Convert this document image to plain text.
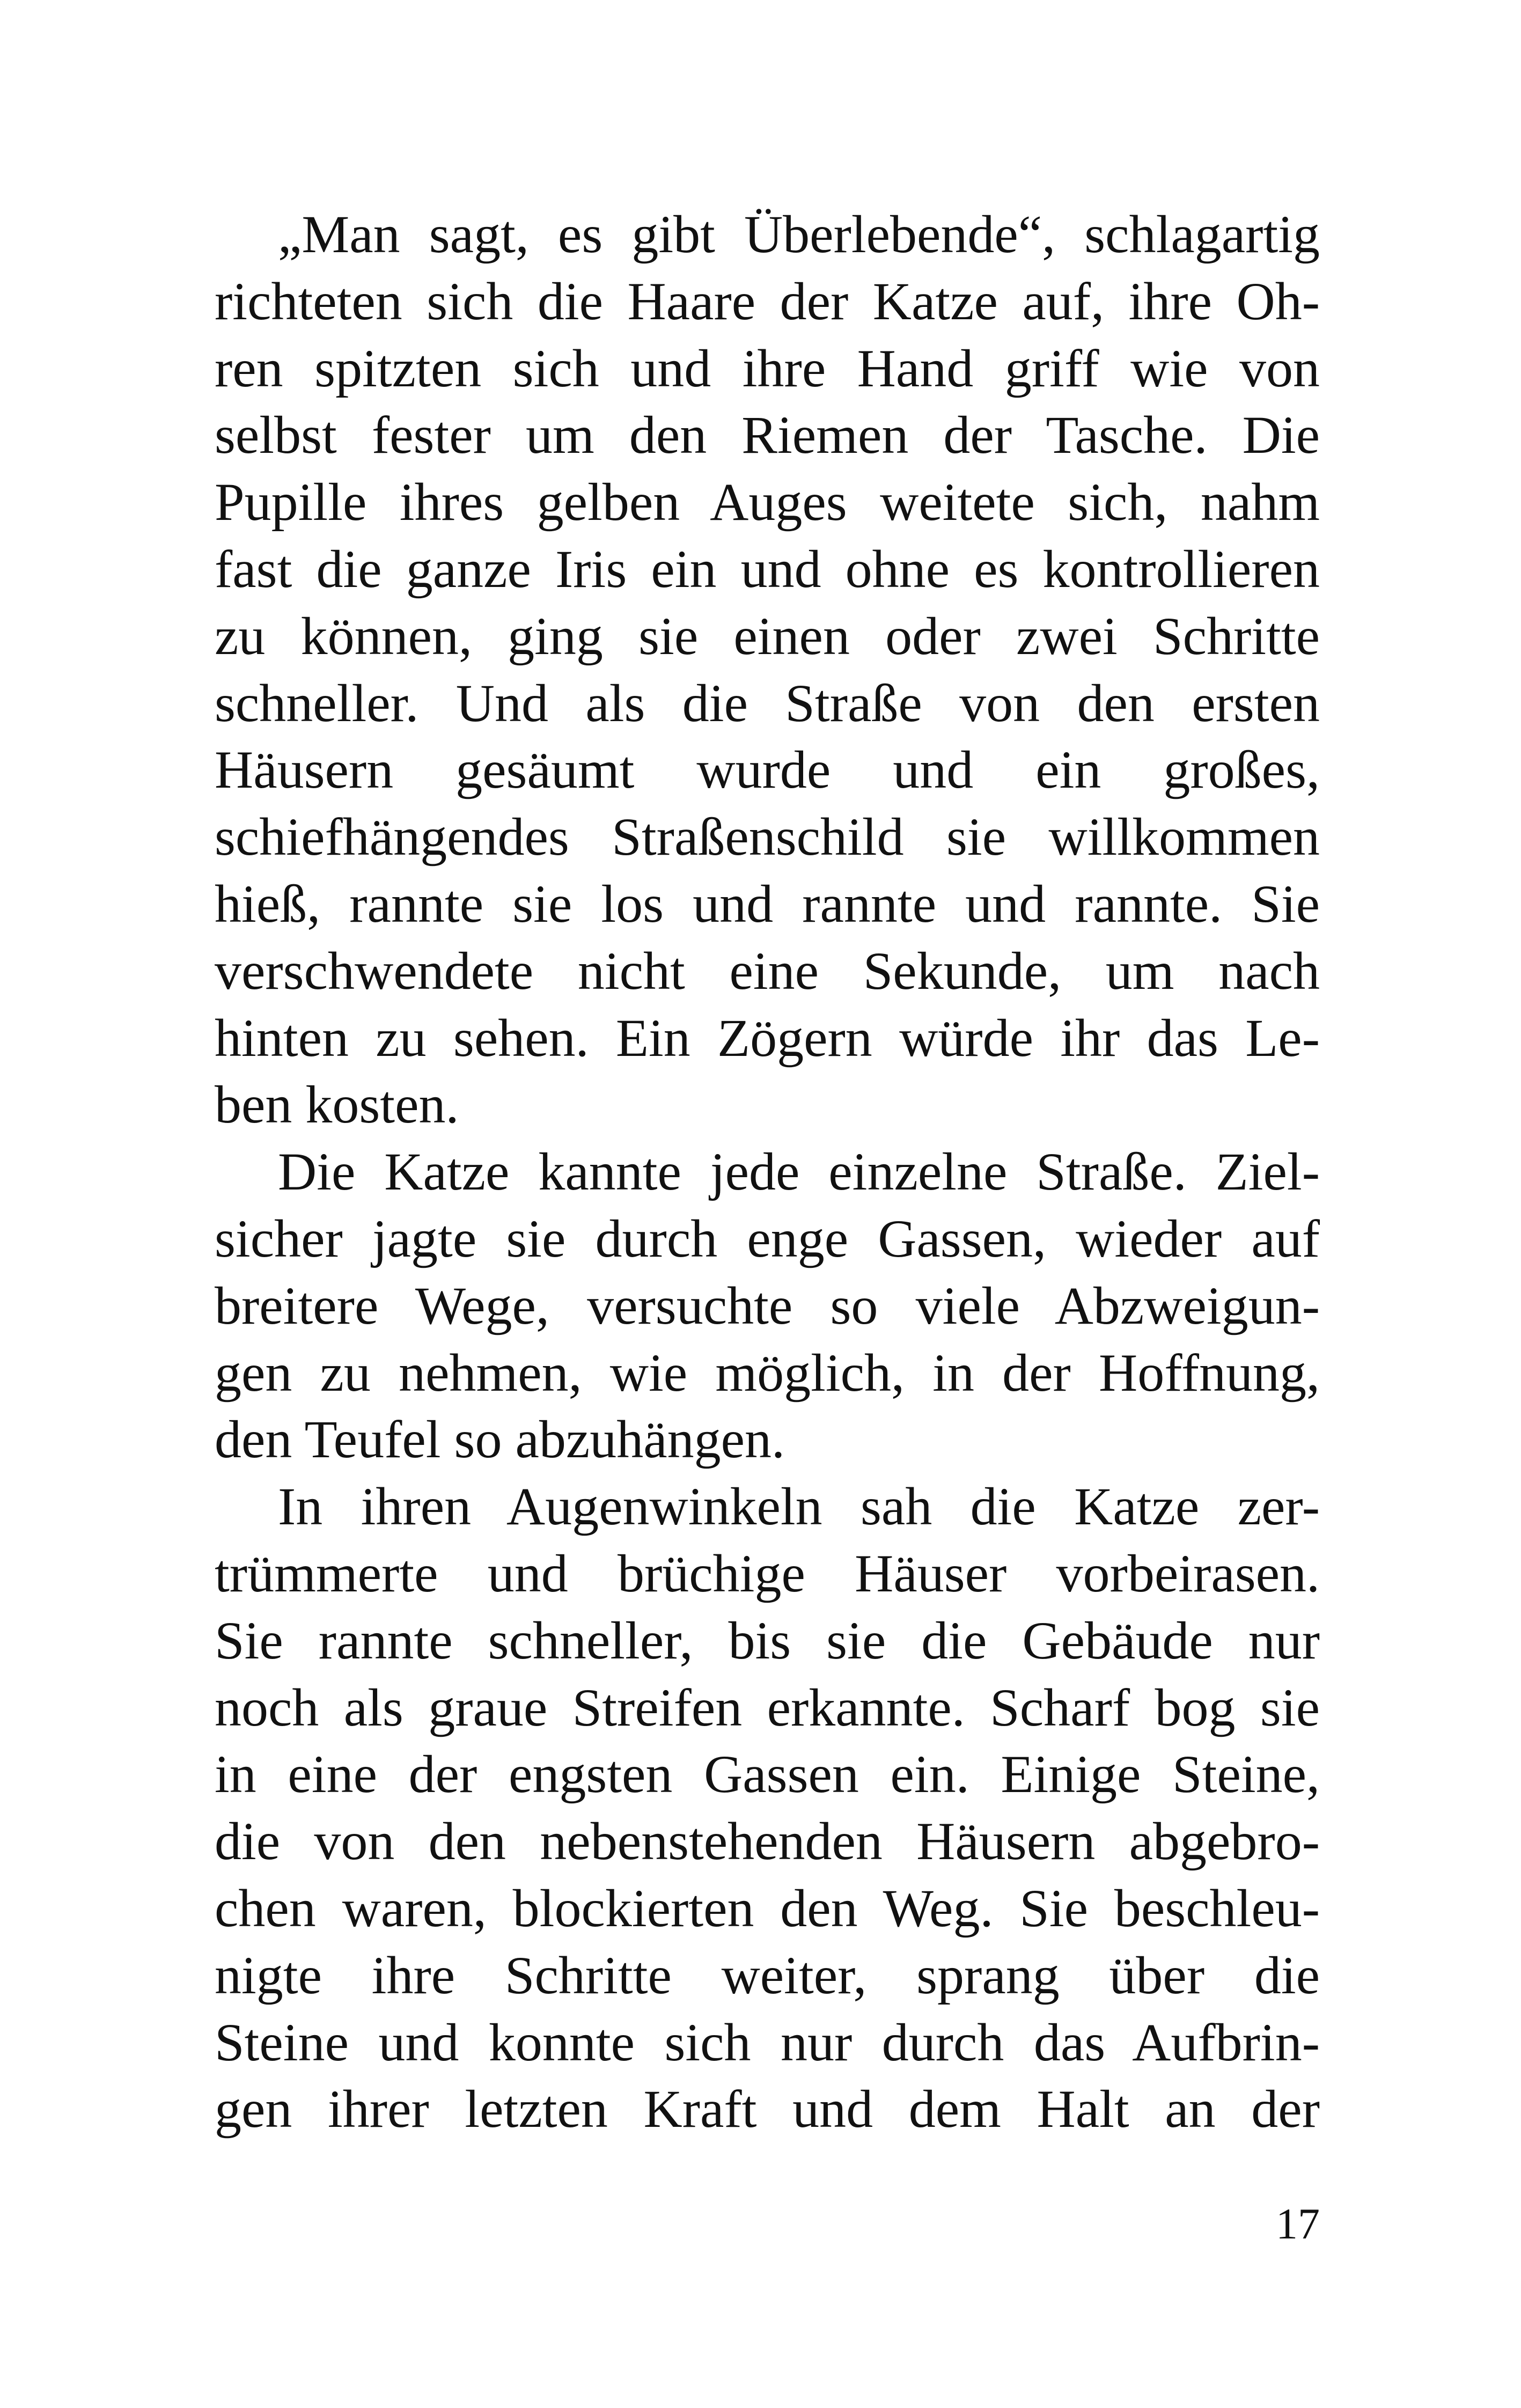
„Man sagt, es gibt Überlebende“, schlagartig
richteten sich die Haare der Katze auf, ihre Oh-
ren spitzten sich und ihre Hand griff wie von
selbst fester um den Riemen der Tasche. Die
Pupille ihres gelben Auges weitete sich, nahm
fast die ganze Iris ein und ohne es kontrollieren
zu können, ging sie einen oder zwei Schritte
schneller. Und als die Straße von den ersten
Häusern gesäumt wurde und ein großes,
schiefhängendes Straßenschild sie willkommen
hieß, rannte sie los und rannte und rannte. Sie
verschwendete nicht eine Sekunde, um nach
hinten zu sehen. Ein Zögern würde ihr das Le-
ben kosten.
Die Katze kannte jede einzelne Straße. Ziel-
sicher jagte sie durch enge Gassen, wieder auf
breitere Wege, versuchte so viele Abzweigun-
gen zu nehmen, wie möglich, in der Hoffnung,
den Teufel so abzuhängen.
In ihren Augenwinkeln sah die Katze zer-
trümmerte und brüchige Häuser vorbeirasen.
Sie rannte schneller, bis sie die Gebäude nur
noch als graue Streifen erkannte. Scharf bog sie
in eine der engsten Gassen ein. Einige Steine,
die von den nebenstehenden Häusern abgebro-
chen waren, blockierten den Weg. Sie beschleu-
nigte ihre Schritte weiter, sprang über die
Steine und konnte sich nur durch das Aufbrin-
gen ihrer letzten Kraft und dem Halt an der
17
